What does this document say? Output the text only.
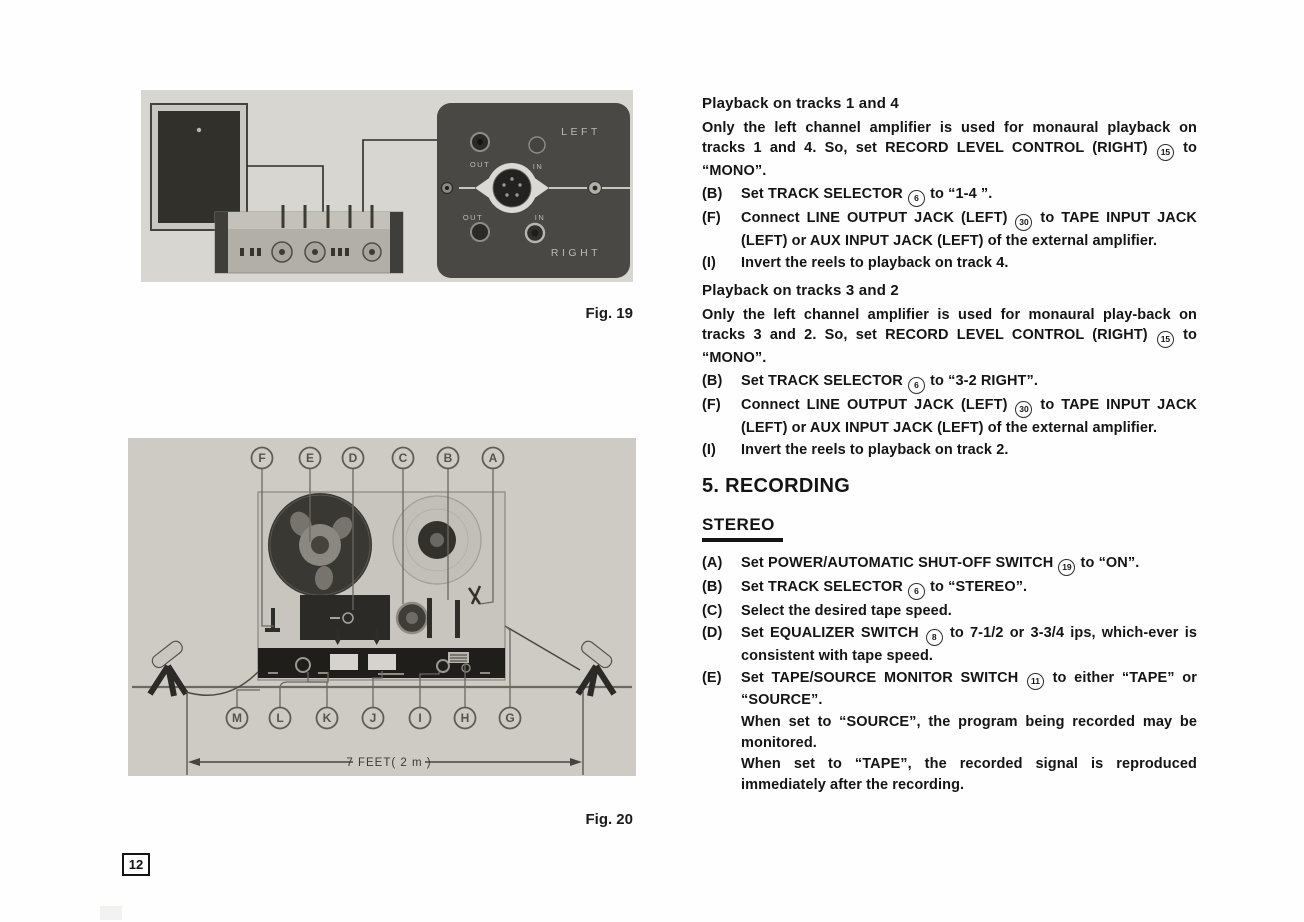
LEFT
OUT	IN
OUT	IN
RIGHT
Fig. 19
F	E	D	C	B	A
M	L	K	J	I	H	G
7 FEET( 2 m )
Fig. 20
Playback on tracks 1 and 4
Only the left channel amplifier is used for monaural playback on tracks 1 and 4. So, set RECORD LEVEL CONTROL (RIGHT) 15 to “MONO”.
(B)	Set TRACK SELECTOR 6 to “1-4 ”.
(F)	Connect LINE OUTPUT JACK (LEFT) 30 to TAPE INPUT JACK (LEFT) or AUX INPUT JACK (LEFT) of the external amplifier.
(I)	Invert the reels to playback on track 4.
Playback on tracks 3 and 2
Only the left channel amplifier is used for monaural play-back on tracks 3 and 2. So, set RECORD LEVEL CONTROL (RIGHT) 15 to “MONO”.
(B)	Set TRACK SELECTOR 6 to “3-2 RIGHT”.
(F)	Connect LINE OUTPUT JACK (LEFT) 30 to TAPE INPUT JACK (LEFT) or AUX INPUT JACK (LEFT) of the external amplifier.
(I)	Invert the reels to playback on track 2.
5. RECORDING
STEREO
(A)	Set POWER/AUTOMATIC SHUT-OFF SWITCH 19 to “ON”.
(B)	Set TRACK SELECTOR 6 to “STEREO”.
(C)	Select the desired tape speed.
(D)	Set EQUALIZER SWITCH 8 to 7-1/2 or 3-3/4 ips, which-ever is consistent with tape speed.
(E)	Set TAPE/SOURCE MONITOR SWITCH 11 to either “TAPE” or “SOURCE”.
When set to “SOURCE”, the program being recorded may be monitored.
When set to “TAPE”, the recorded signal is reproduced immediately after the recording.
12
